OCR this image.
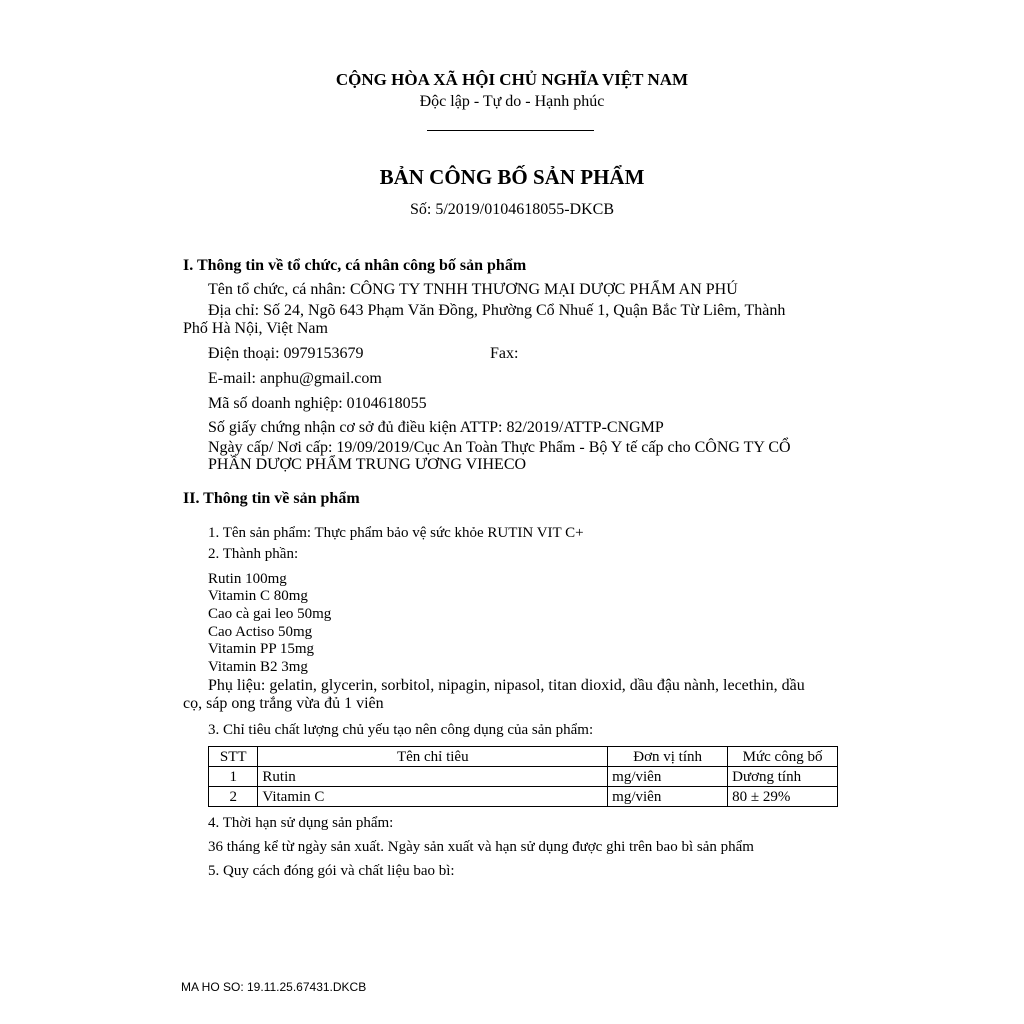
CỘNG HÒA XÃ HỘI CHỦ NGHĨA VIỆT NAM
Độc lập - Tự do - Hạnh phúc
BẢN CÔNG BỐ SẢN PHẨM
Số: 5/2019/0104618055-DKCB
I. Thông tin về tổ chức, cá nhân công bố sản phẩm
Tên tổ chức, cá nhân: CÔNG TY TNHH THƯƠNG MẠI DƯỢC PHẨM AN PHÚ
Địa chỉ: Số 24, Ngõ 643 Phạm Văn Đồng, Phường Cổ Nhuế 1, Quận Bắc Từ Liêm, Thành
Phố Hà Nội, Việt Nam
Điện thoại: 0979153679	Fax:
E-mail: anphu@gmail.com
Mã số doanh nghiệp: 0104618055
Số giấy chứng nhận cơ sở đủ điều kiện ATTP: 82/2019/ATTP-CNGMP
Ngày cấp/ Nơi cấp: 19/09/2019/Cục An Toàn Thực Phẩm - Bộ Y tế cấp cho CÔNG TY CỔ
PHẦN DƯỢC PHẨM TRUNG ƯƠNG VIHECO
II. Thông tin về sản phẩm
1. Tên sản phẩm: Thực phẩm bảo vệ sức khỏe RUTIN VIT C+
2. Thành phần:
Rutin 100mg
Vitamin C 80mg
Cao cà gai leo 50mg
Cao Actiso 50mg
Vitamin PP 15mg
Vitamin B2 3mg
Phụ liệu: gelatin, glycerin, sorbitol, nipagin, nipasol, titan dioxid, dầu đậu nành, lecethin, dầu
cọ, sáp ong trắng vừa đủ 1 viên
3. Chỉ tiêu chất lượng chủ yếu tạo nên công dụng của sản phẩm:
STT	Tên chỉ tiêu	Đơn vị tính	Mức công bố
1	Rutin	mg/viên	Dương tính
2	Vitamin C	mg/viên	80 ± 29%
4. Thời hạn sử dụng sản phẩm:
36 tháng kể từ ngày sản xuất. Ngày sản xuất và hạn sử dụng được ghi trên bao bì sản phẩm
5. Quy cách đóng gói và chất liệu bao bì:
MA HO SO: 19.11.25.67431.DKCB
